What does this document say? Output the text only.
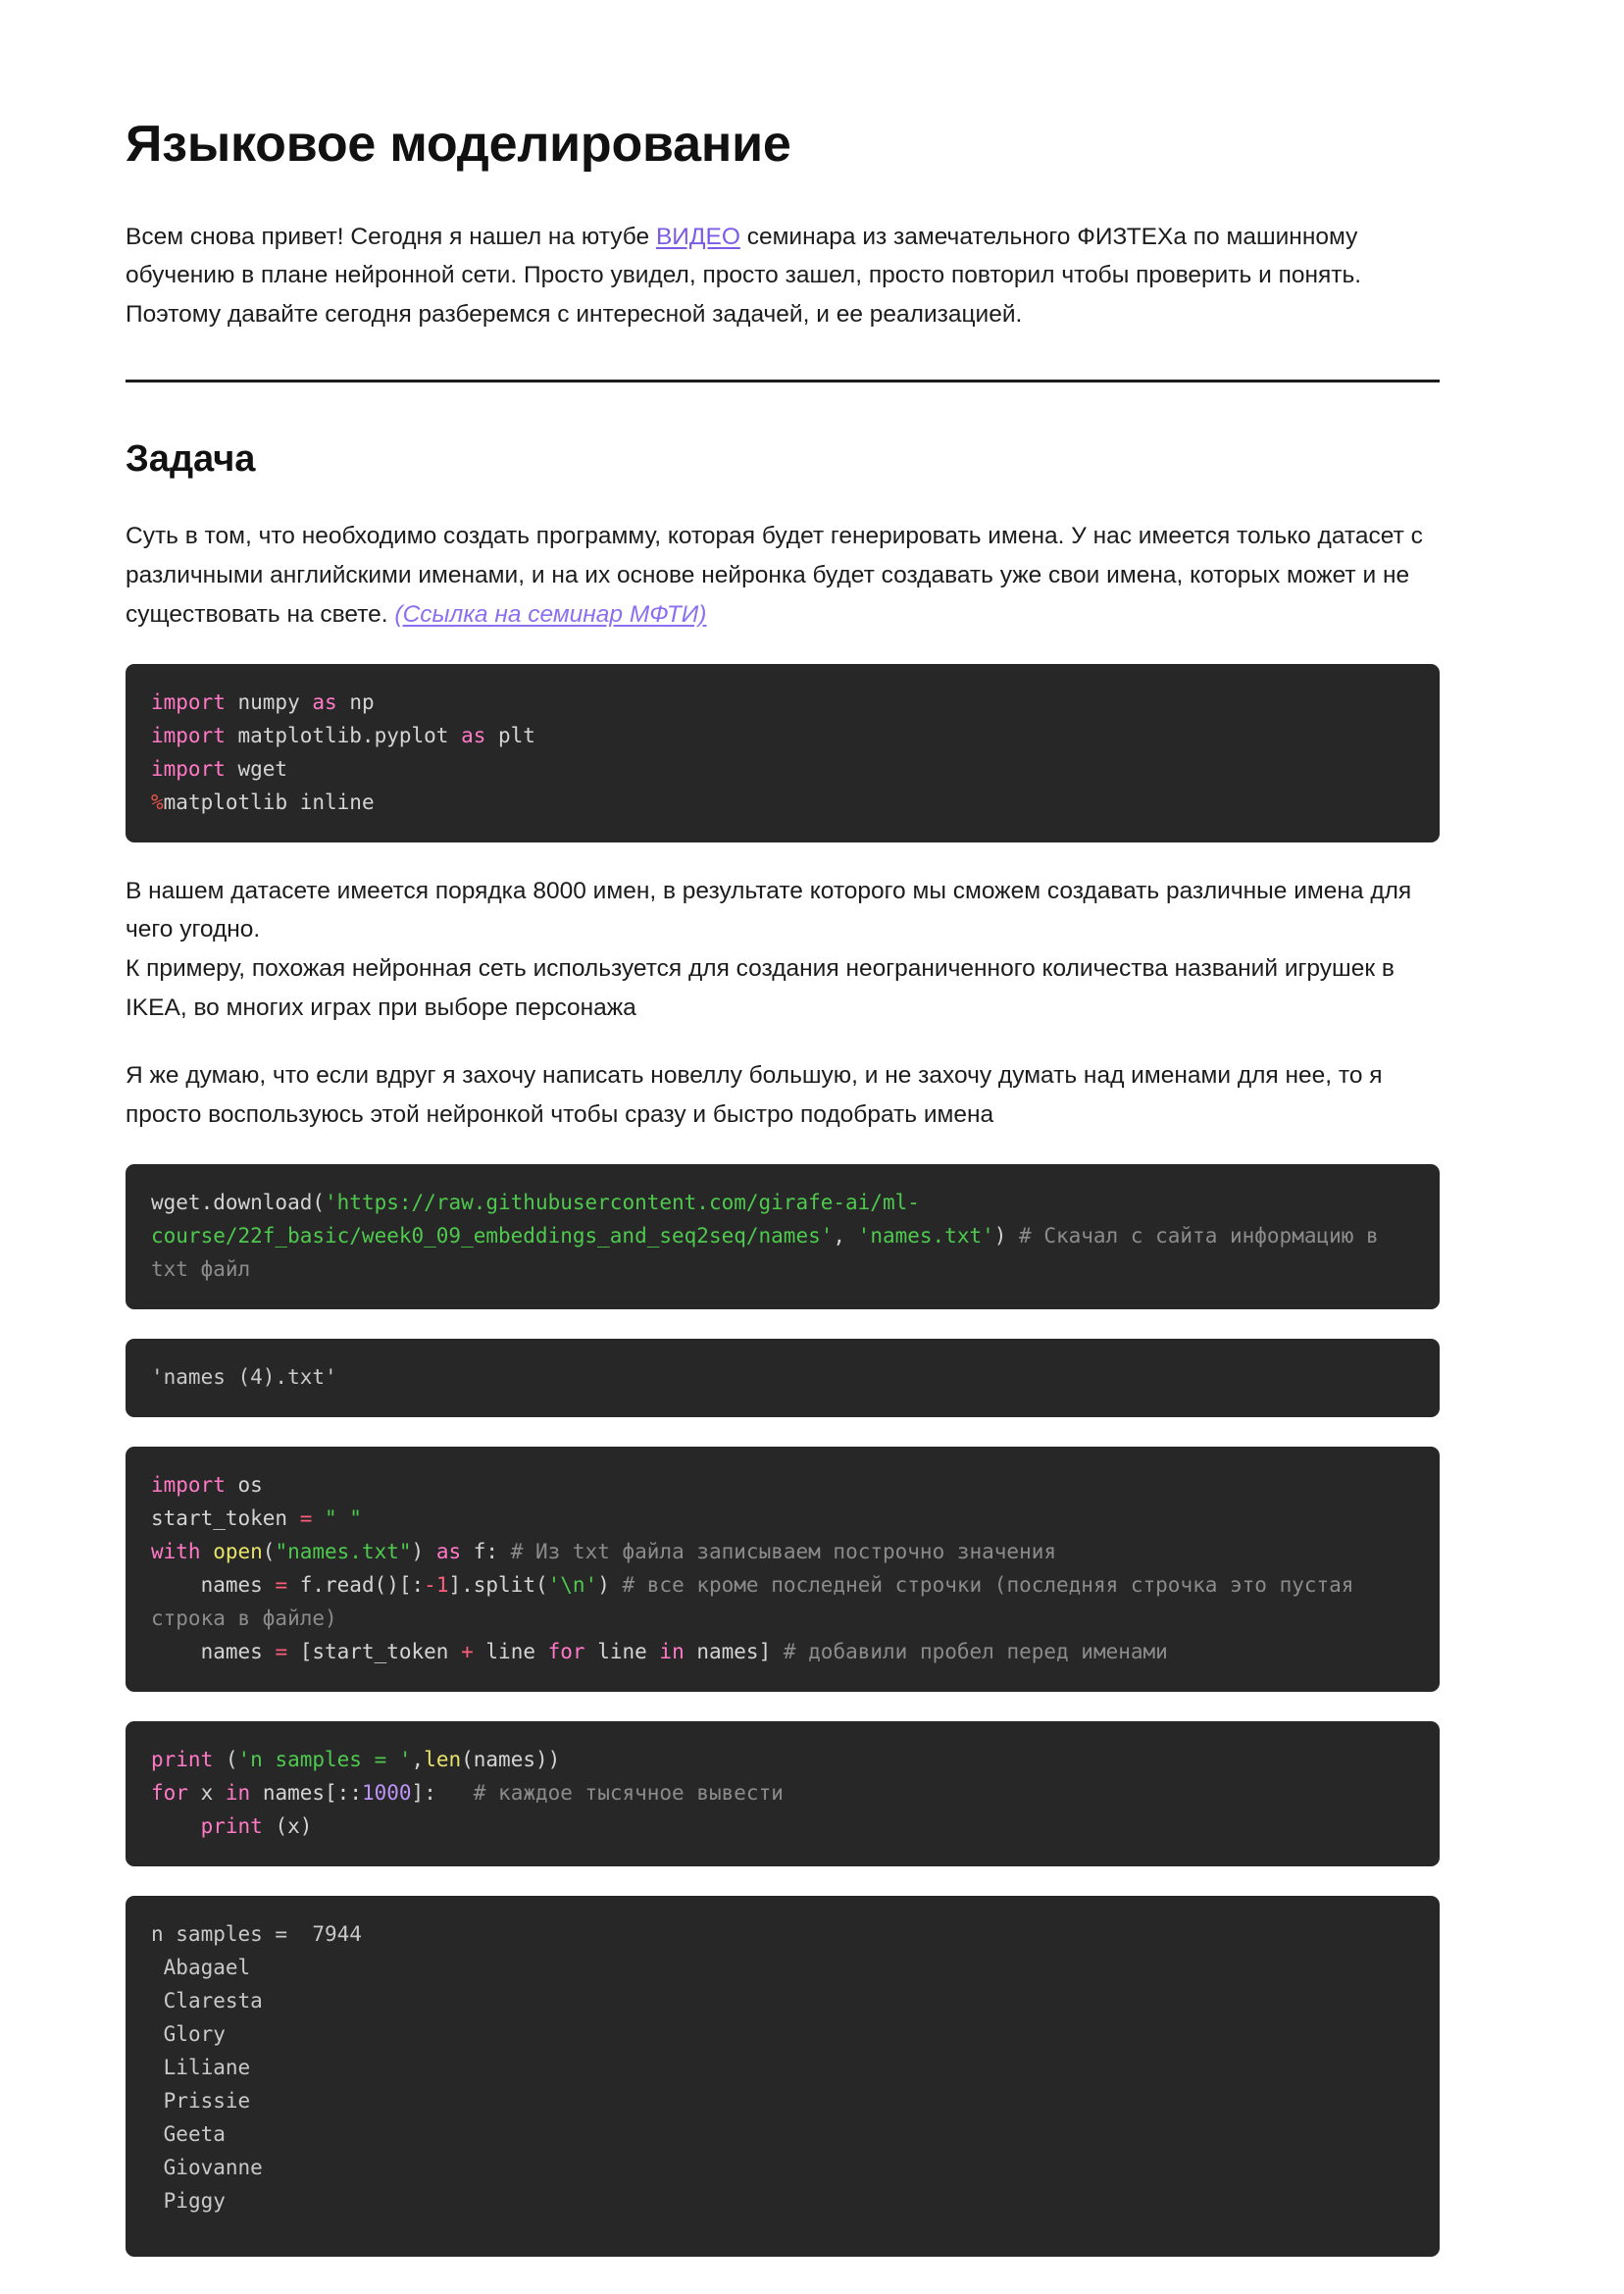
Языковое моделирование

Всем снова привет! Сегодня я нашел на ютубе ВИДЕО семинара из замечательного ФИЗТЕХа по машинному обучению в плане нейронной сети. Просто увидел, просто зашел, просто повторил чтобы проверить и понять. Поэтому давайте сегодня разберемся с интересной задачей, и ее реализацией.

Задача

Суть в том, что необходимо создать программу, которая будет генерировать имена. У нас имеется только датасет с различными английскими именами, и на их основе нейронка будет создавать уже свои имена, которых может и не существовать на свете. (Ссылка на семинар МФТИ)

import numpy as np
import matplotlib.pyplot as plt
import wget
%matplotlib inline

В нашем датасете имеется порядка 8000 имен, в результате которого мы сможем создавать различные имена для чего угодно.
К примеру, похожая нейронная сеть используется для создания неограниченного количества названий игрушек в IKEA, во многих играх при выборе персонажа

Я же думаю, что если вдруг я захочу написать новеллу большую, и не захочу думать над именами для нее, то я просто воспользуюсь этой нейронкой чтобы сразу и быстро подобрать имена

wget.download('https://raw.githubusercontent.com/girafe-ai/ml-course/22f_basic/week0_09_embeddings_and_seq2seq/names', 'names.txt') # Скачал с сайта информацию в txt файл
'names (4).txt'
import os
start_token = " "
with open("names.txt") as f: # Из txt файла записываем построчно значения
names = f.read()[:-1].split('\n') # все кроме последней строчки (последняя строчка это пустая строка в файле)
names = [start_token + line for line in names] # добавили пробел перед именами
print ('n samples = ',len(names))
for x in names[::1000]:   # каждое тысячное вывести
print (x)
n samples =  7944
Abagael
Claresta
Glory
Liliane
Prissie
Geeta
Giovanne
Piggy
